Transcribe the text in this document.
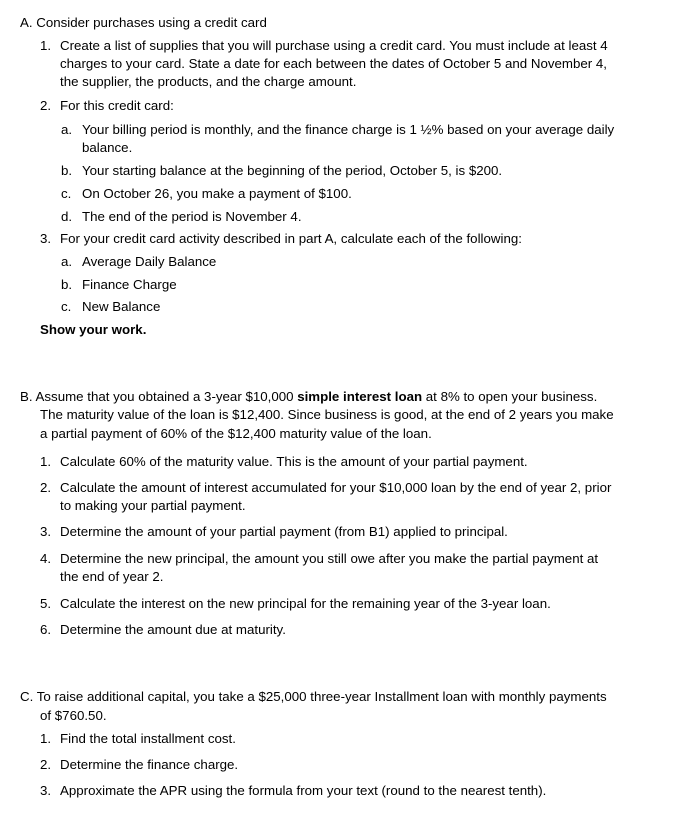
A. Consider purchases using a credit card
1. Create a list of supplies that you will purchase using a credit card. You must include at least 4
charges to your card. State a date for each between the dates of October 5 and November 4,
the supplier, the products, and the charge amount.
2. For this credit card:
a. Your billing period is monthly, and the finance charge is 1 ½% based on your average daily
balance.
b. Your starting balance at the beginning of the period, October 5, is $200.
c. On October 26, you make a payment of $100.
d. The end of the period is November 4.
3. For your credit card activity described in part A, calculate each of the following:
a. Average Daily Balance
b. Finance Charge
c. New Balance
Show your work.
B. Assume that you obtained a 3-year $10,000 simple interest loan at 8% to open your business.
The maturity value of the loan is $12,400. Since business is good, at the end of 2 years you make
a partial payment of 60% of the $12,400 maturity value of the loan.
1. Calculate 60% of the maturity value. This is the amount of your partial payment.
2. Calculate the amount of interest accumulated for your $10,000 loan by the end of year 2, prior
to making your partial payment.
3. Determine the amount of your partial payment (from B1) applied to principal.
4. Determine the new principal, the amount you still owe after you make the partial payment at
the end of year 2.
5. Calculate the interest on the new principal for the remaining year of the 3-year loan.
6. Determine the amount due at maturity.
C. To raise additional capital, you take a $25,000 three-year Installment loan with monthly payments
of $760.50.
1. Find the total installment cost.
2. Determine the finance charge.
3. Approximate the APR using the formula from your text (round to the nearest tenth).
